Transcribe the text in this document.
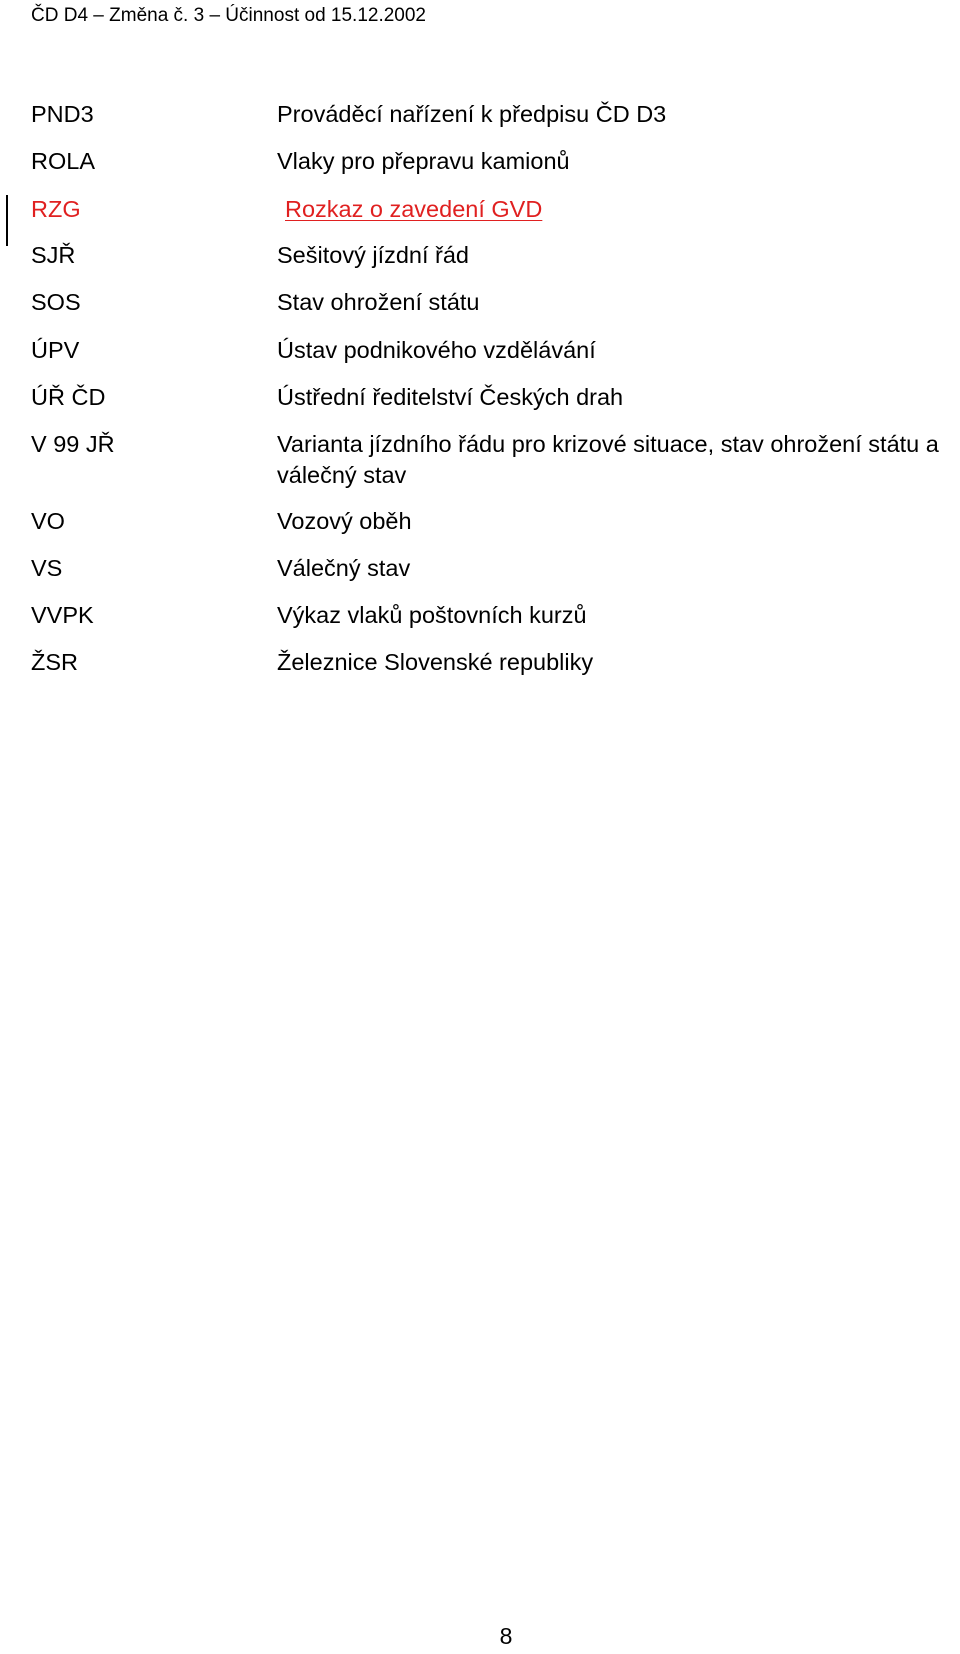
ČD D4 – Změna č. 3 – Účinnost od 15.12.2002
PND3	Prováděcí nařízení k předpisu ČD D3
ROLA	Vlaky pro přepravu kamionů
RZG	Rozkaz o zavedení GVD
SJŘ	Sešitový jízdní řád
SOS	Stav ohrožení státu
ÚPV	Ústav podnikového vzdělávání
ÚŘ ČD	Ústřední ředitelství Českých drah
V 99 JŘ	Varianta jízdního řádu pro krizové situace, stav ohrožení státu a válečný stav
VO	Vozový oběh
VS	Válečný stav
VVPK	Výkaz vlaků poštovních kurzů
ŽSR	Železnice Slovenské republiky
8
